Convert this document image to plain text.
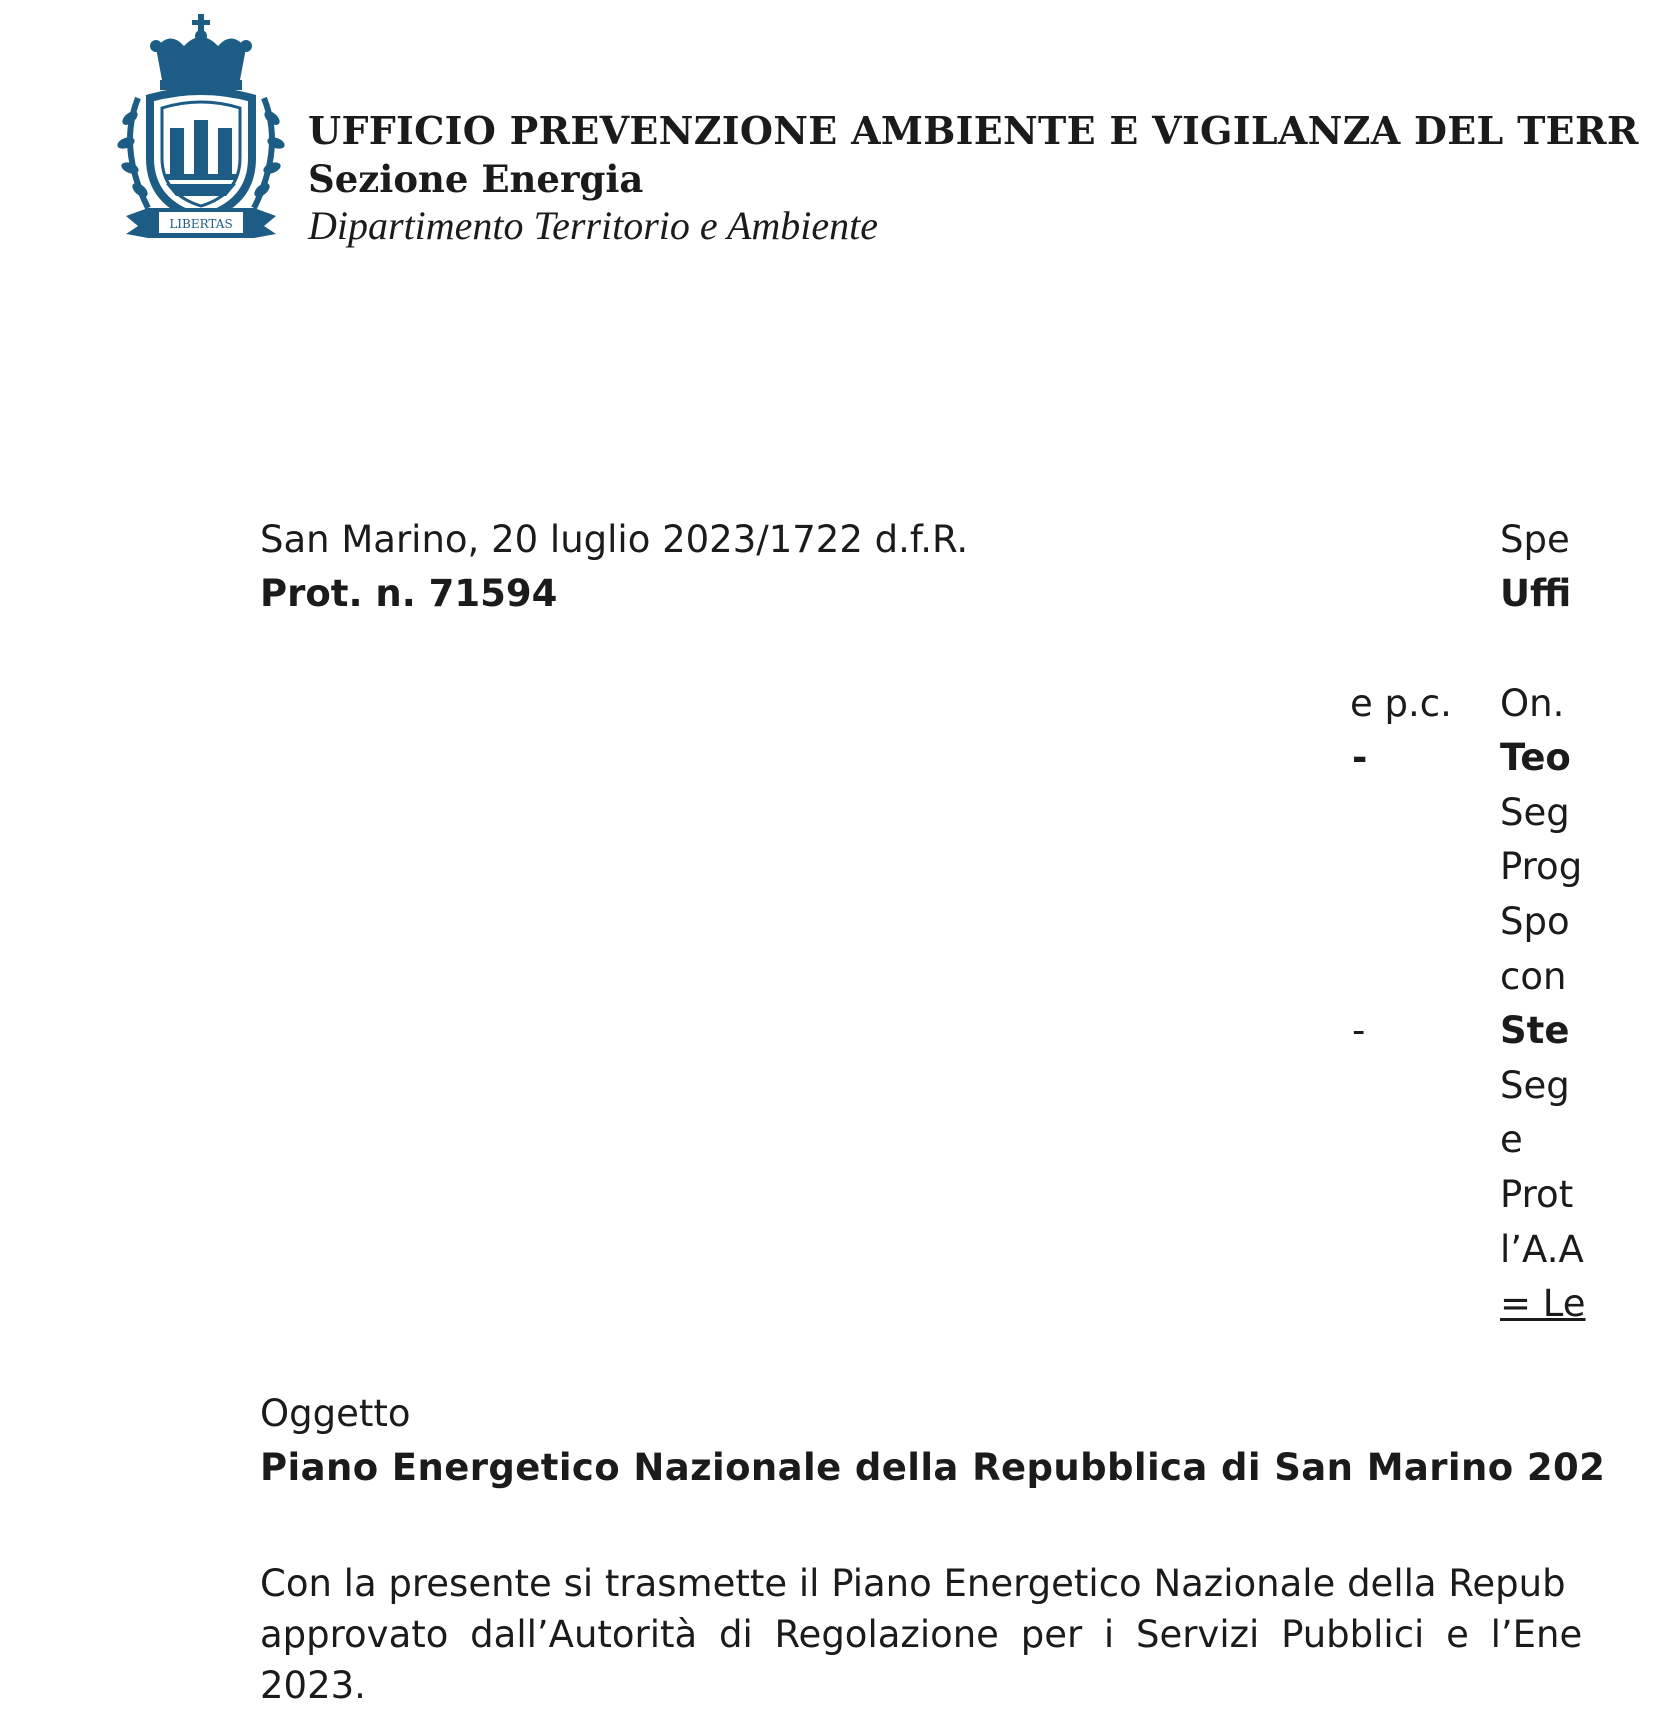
LIBERTAS
UFFICIO PREVENZIONE AMBIENTE E VIGILANZA DEL TERR
Sezione Energia
Dipartimento Territorio e Ambiente
San Marino, 20 luglio 2023/1722 d.f.R.
Prot. n. 71594
Spe
Uffi
e p.c. On.
-	Teo
Seg
Prog
Spo
con
-	Ste
Seg
e
Prot
l’A.A
= Le
Oggetto
Piano Energetico Nazionale della Repubblica di San Marino 202
Con la presente si trasmette il Piano Energetico Nazionale della Repub
approvato dall’Autorità di Regolazione per i Servizi Pubblici e l’Ene
2023.
